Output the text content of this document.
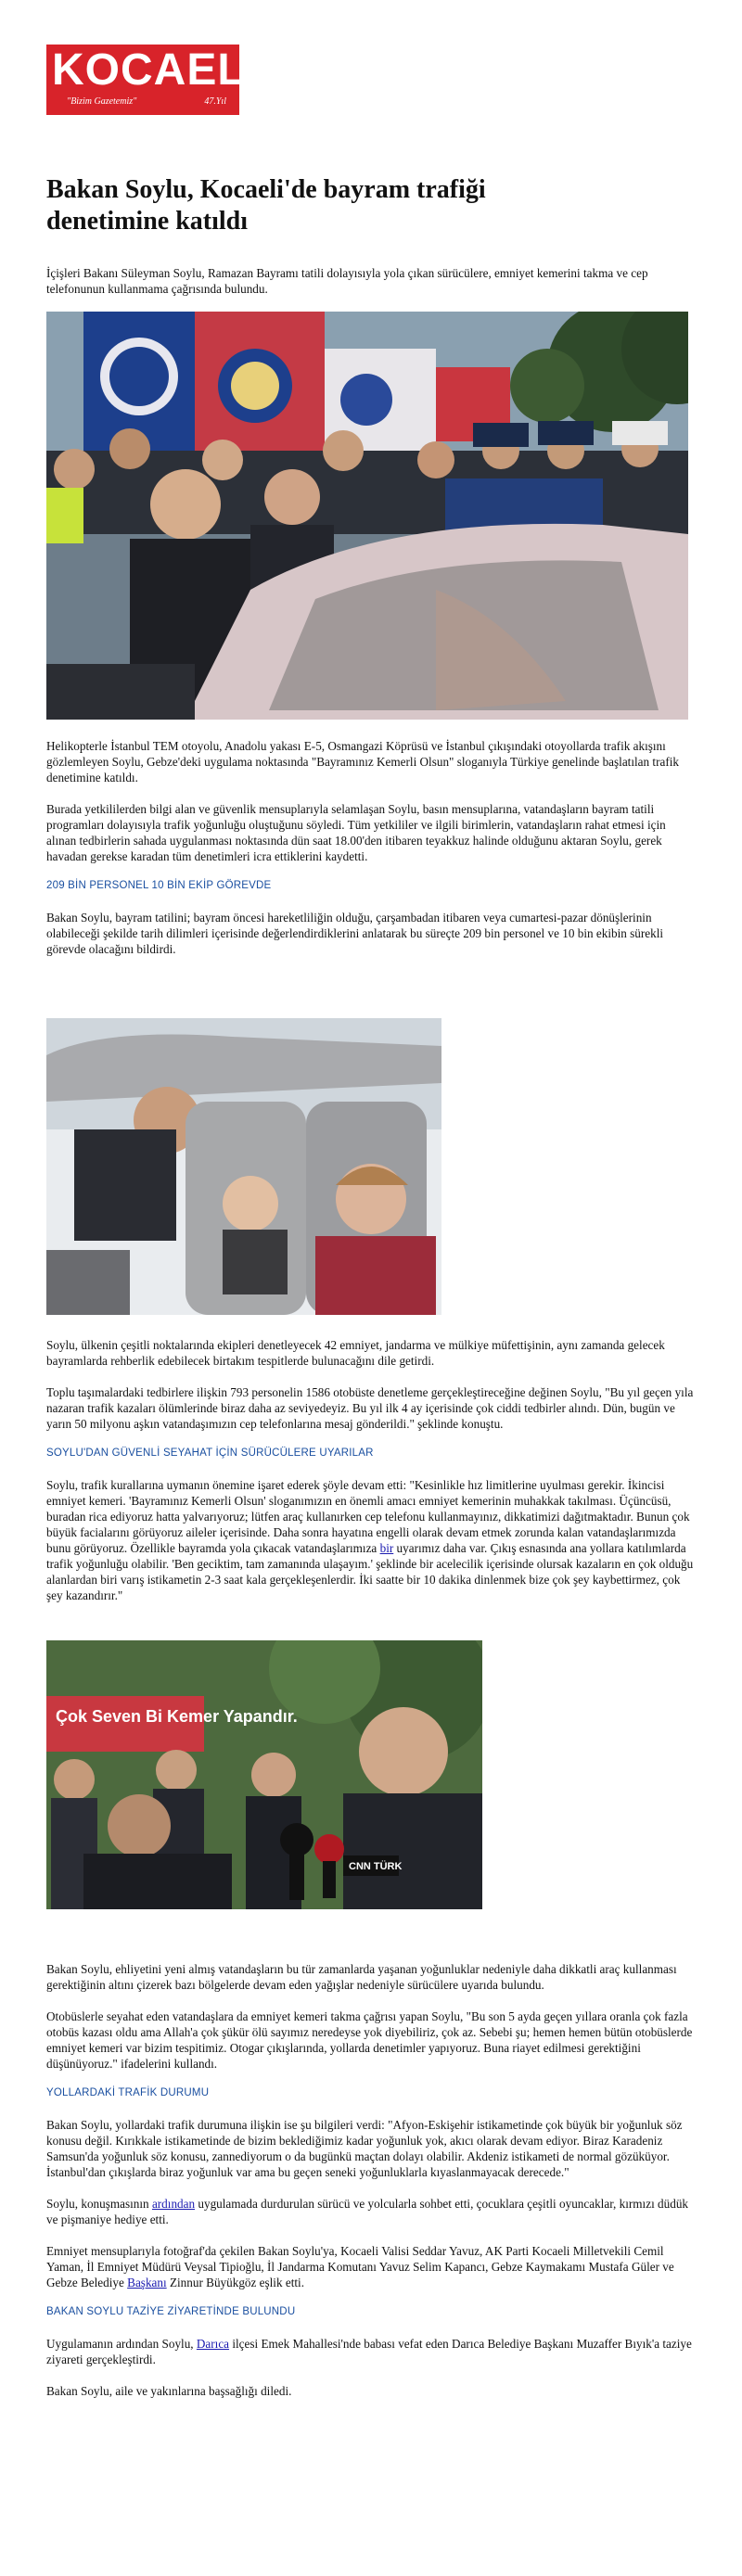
KOCAELİ
"Bizim Gazetemiz"	47.Yıl
Bakan Soylu, Kocaeli'de bayram trafiği denetimine katıldı

İçişleri Bakanı Süleyman Soylu, Ramazan Bayramı tatili dolayısıyla yola çıkan sürücülere, emniyet kemerini takma ve cep telefonunun kullanmama çağrısında bulundu.

Helikopterle İstanbul TEM otoyolu, Anadolu yakası E-5, Osmangazi Köprüsü ve İstanbul çıkışındaki otoyollarda trafik akışını gözlemleyen Soylu, Gebze'deki uygulama noktasında "Bayramınız Kemerli Olsun" sloganıyla Türkiye genelinde başlatılan trafik denetimine katıldı.

Burada yetkililerden bilgi alan ve güvenlik mensuplarıyla selamlaşan Soylu, basın mensuplarına, vatandaşların bayram tatili programları dolayısıyla trafik yoğunluğu oluştuğunu söyledi. Tüm yetkililer ve ilgili birimlerin, vatandaşların rahat etmesi için alınan tedbirlerin sahada uygulanması noktasında dün saat 18.00'den itibaren teyakkuz halinde olduğunu aktaran Soylu, gerek havadan gerekse karadan tüm denetimleri icra ettiklerini kaydetti.

209 BİN PERSONEL 10 BİN EKİP GÖREVDE

Bakan Soylu, bayram tatilini; bayram öncesi hareketliliğin olduğu, çarşambadan itibaren veya cumartesi-pazar dönüşlerinin olabileceği şekilde tarih dilimleri içerisinde değerlendirdiklerini anlatarak bu süreçte 209 bin personel ve 10 bin ekibin sürekli görevde olacağını bildirdi.

Soylu, ülkenin çeşitli noktalarında ekipleri denetleyecek 42 emniyet, jandarma ve mülkiye müfettişinin, aynı zamanda gelecek bayramlarda rehberlik edebilecek birtakım tespitlerde bulunacağını dile getirdi.

Toplu taşımalardaki tedbirlere ilişkin 793 personelin 1586 otobüste denetleme gerçekleştireceğine değinen Soylu, "Bu yıl geçen yıla nazaran trafik kazaları ölümlerinde biraz daha az seviyedeyiz. Bu yıl ilk 4 ay içerisinde çok ciddi tedbirler alındı. Dün, bugün ve yarın 50 milyonu aşkın vatandaşımızın cep telefonlarına mesaj gönderildi." şeklinde konuştu.

SOYLU'DAN GÜVENLİ SEYAHAT İÇİN SÜRÜCÜLERE UYARILAR

Soylu, trafik kurallarına uymanın önemine işaret ederek şöyle devam etti: "Kesinlikle hız limitlerine uyulması gerekir. İkincisi emniyet kemeri. 'Bayramınız Kemerli Olsun' sloganımızın en önemli amacı emniyet kemerinin muhakkak takılması. Üçüncüsü, buradan rica ediyoruz hatta yalvarıyoruz; lütfen araç kullanırken cep telefonu kullanmayınız, dikkatimizi dağıtmaktadır. Bunun çok büyük facialarını görüyoruz aileler içerisinde. Daha sonra hayatına engelli olarak devam etmek zorunda kalan vatandaşlarımızda bunu görüyoruz. Özellikle bayramda yola çıkacak vatandaşlarımıza bir uyarımız daha var. Çıkış esnasında ana yollara katılımlarda trafik yoğunluğu olabilir. 'Ben geciktim, tam zamanında ulaşayım.' şeklinde bir acelecilik içerisinde olursak kazaların en çok olduğu alanlardan biri varış istikametin 2-3 saat kala gerçekleşenlerdir. İki saatte bir 10 dakika dinlenmek bize çok şey kaybettirmez, çok şey kazandırır."

Çok Seven Bi Kemer Yapandır.
CNN TÜRK

Bakan Soylu, ehliyetini yeni almış vatandaşların bu tür zamanlarda yaşanan yoğunluklar nedeniyle daha dikkatli araç kullanması gerektiğinin altını çizerek bazı bölgelerde devam eden yağışlar nedeniyle sürücülere uyarıda bulundu.

Otobüslerle seyahat eden vatandaşlara da emniyet kemeri takma çağrısı yapan Soylu, "Bu son 5 ayda geçen yıllara oranla çok fazla otobüs kazası oldu ama Allah'a çok şükür ölü sayımız neredeyse yok diyebiliriz, çok az. Sebebi şu; hemen hemen bütün otobüslerde emniyet kemeri var bizim tespitimiz. Otogar çıkışlarında, yollarda denetimler yapıyoruz. Buna riayet edilmesi gerektiğini düşünüyoruz." ifadelerini kullandı.

YOLLARDAKİ TRAFİK DURUMU

Bakan Soylu, yollardaki trafik durumuna ilişkin ise şu bilgileri verdi: "Afyon-Eskişehir istikametinde çok büyük bir yoğunluk söz konusu değil. Kırıkkale istikametinde de bizim beklediğimiz kadar yoğunluk yok, akıcı olarak devam ediyor. Biraz Karadeniz Samsun'da yoğunluk söz konusu, zannediyorum o da bugünkü maçtan dolayı olabilir. Akdeniz istikameti de normal gözüküyor. İstanbul'dan çıkışlarda biraz yoğunluk var ama bu geçen seneki yoğunluklarla kıyaslanmayacak derecede."

Soylu, konuşmasının ardından uygulamada durdurulan sürücü ve yolcularla sohbet etti, çocuklara çeşitli oyuncaklar, kırmızı düdük ve pişmaniye hediye etti.

Emniyet mensuplarıyla fotoğraf'da çekilen Bakan Soylu'ya, Kocaeli Valisi Seddar Yavuz, AK Parti Kocaeli Milletvekili Cemil Yaman, İl Emniyet Müdürü Veysal Tipioğlu, İl Jandarma Komutanı Yavuz Selim Kapancı, Gebze Kaymakamı Mustafa Güler ve Gebze Belediye Başkanı Zinnur Büyükgöz eşlik etti.

BAKAN SOYLU TAZİYE ZİYARETİNDE BULUNDU

Uygulamanın ardından Soylu, Darıca ilçesi Emek Mahallesi'nde babası vefat eden Darıca Belediye Başkanı Muzaffer Bıyık'a taziye ziyareti gerçekleştirdi.

Bakan Soylu, aile ve yakınlarına başsağlığı diledi.
